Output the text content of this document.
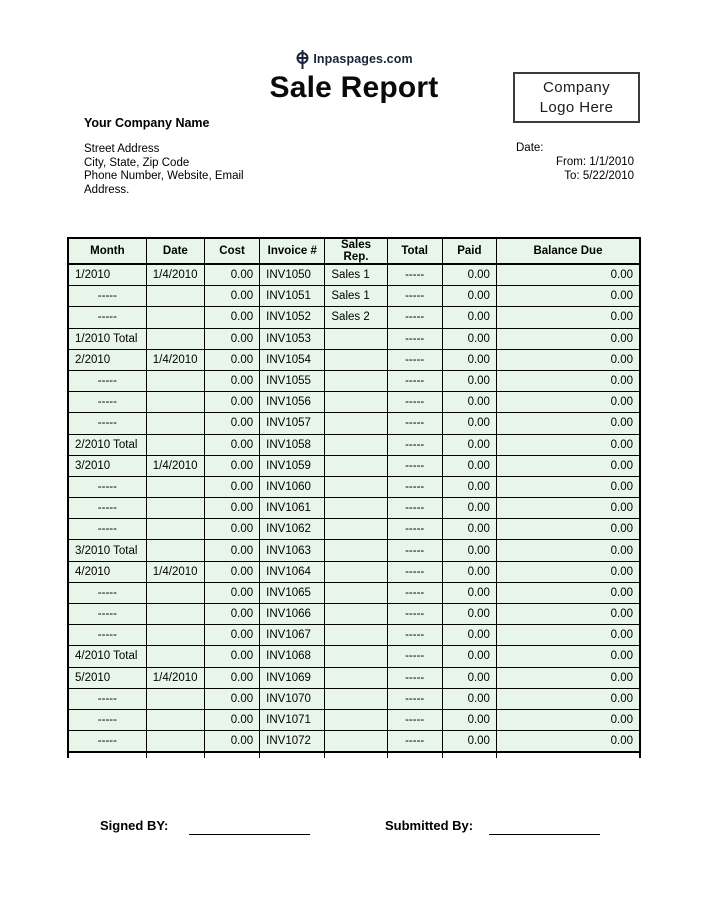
Inpaspages.com
Sale Report	Company
Logo Here
Your Company Name
Street Address
City, State, Zip Code
Phone Number, Website, Email
Address.
Date:
From: 1/1/2010
To: 5/22/2010
Month	Date	Cost	Invoice #	Sales Rep.	Total	Paid	Balance Due
1/2010	1/4/2010	0.00	INV1050	Sales 1	-----	0.00	0.00
-----		0.00	INV1051	Sales 1	-----	0.00	0.00
-----		0.00	INV1052	Sales 2	-----	0.00	0.00
1/2010 Total		0.00	INV1053		-----	0.00	0.00
2/2010	1/4/2010	0.00	INV1054		-----	0.00	0.00
-----		0.00	INV1055		-----	0.00	0.00
-----		0.00	INV1056		-----	0.00	0.00
-----		0.00	INV1057		-----	0.00	0.00
2/2010 Total		0.00	INV1058		-----	0.00	0.00
3/2010	1/4/2010	0.00	INV1059		-----	0.00	0.00
-----		0.00	INV1060		-----	0.00	0.00
-----		0.00	INV1061		-----	0.00	0.00
-----		0.00	INV1062		-----	0.00	0.00
3/2010 Total		0.00	INV1063		-----	0.00	0.00
4/2010	1/4/2010	0.00	INV1064		-----	0.00	0.00
-----		0.00	INV1065		-----	0.00	0.00
-----		0.00	INV1066		-----	0.00	0.00
-----		0.00	INV1067		-----	0.00	0.00
4/2010 Total		0.00	INV1068		-----	0.00	0.00
5/2010	1/4/2010	0.00	INV1069		-----	0.00	0.00
-----		0.00	INV1070		-----	0.00	0.00
-----		0.00	INV1071		-----	0.00	0.00
-----		0.00	INV1072		-----	0.00	0.00

Signed BY:	Submitted By:
